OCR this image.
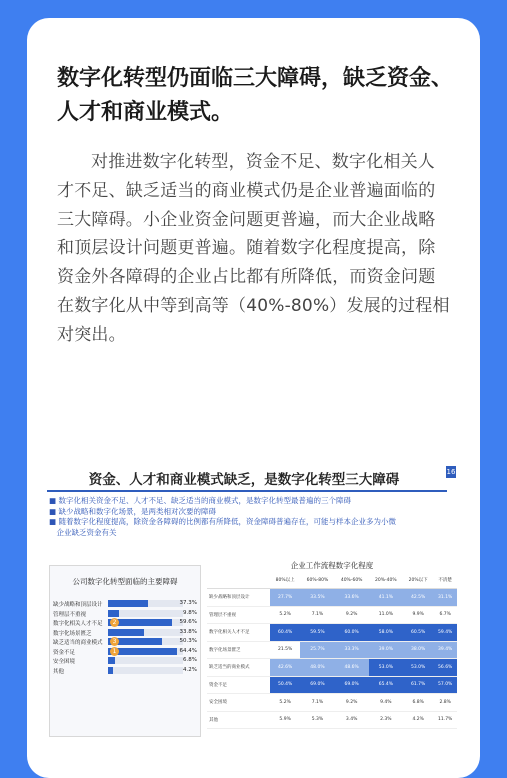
数字化转型仍面临三大障碍，缺乏资金、人才和商业模式。

对推进数字化转型，资金不足、数字化相关人才不足、缺乏适当的商业模式仍是企业普遍面临的三大障碍。小企业资金问题更普遍，而大企业战略和顶层设计问题更普遍。随着数字化程度提高，除资金外各障碍的企业占比都有所降低，而资金问题在数字化从中等到高等（40%-80%）发展的过程相对突出。

资金、人才和商业模式缺乏，是数字化转型三大障碍	16
■ 数字化相关资金不足、人才不足、缺乏适当的商业模式，是数字化转型最普遍的三个障碍
■ 缺少战略和数字化场景，是两类相对次要的障碍
■ 随着数字化程度提高，除资金各障碍的比例都有所降低，资金障碍普遍存在，可能与样本企业多为小微
　企业缺乏资金有关
公司数字化转型面临的主要障碍
缺少战略和顶层设计	37.3%
管理层不重视	9.8%
数字化相关人才不足	59.6%
2
数字化场景匮乏	33.8%
缺乏适当的商业模式	50.3%
3
资金不足	64.4%
1
安全困境	6.8%
其他	4.2%
企业工作流程数字化程度
	80%以上	60%-80%	40%-60%	20%-40%	20%以下	不清楚
缺少战略和顶层设计	27.7%	33.5%	33.6%	41.1%	42.5%	31.1%
管理层不重视	5.2%	7.1%	9.2%	11.0%	9.9%	6.7%
数字化相关人才不足	60.4%	59.5%	60.0%	58.0%	60.5%	59.4%
数字化场景匮乏	21.5%	25.7%	33.3%	39.0%	38.0%	39.4%
缺乏适当的商业模式	42.6%	48.0%	48.6%	53.0%	53.0%	56.6%
资金不足	50.4%	69.0%	69.0%	65.4%	61.7%	57.0%
安全困境	5.2%	7.1%	9.2%	9.4%	6.8%	2.8%
其他	5.9%	5.3%	3.4%	2.3%	4.2%	11.7%
